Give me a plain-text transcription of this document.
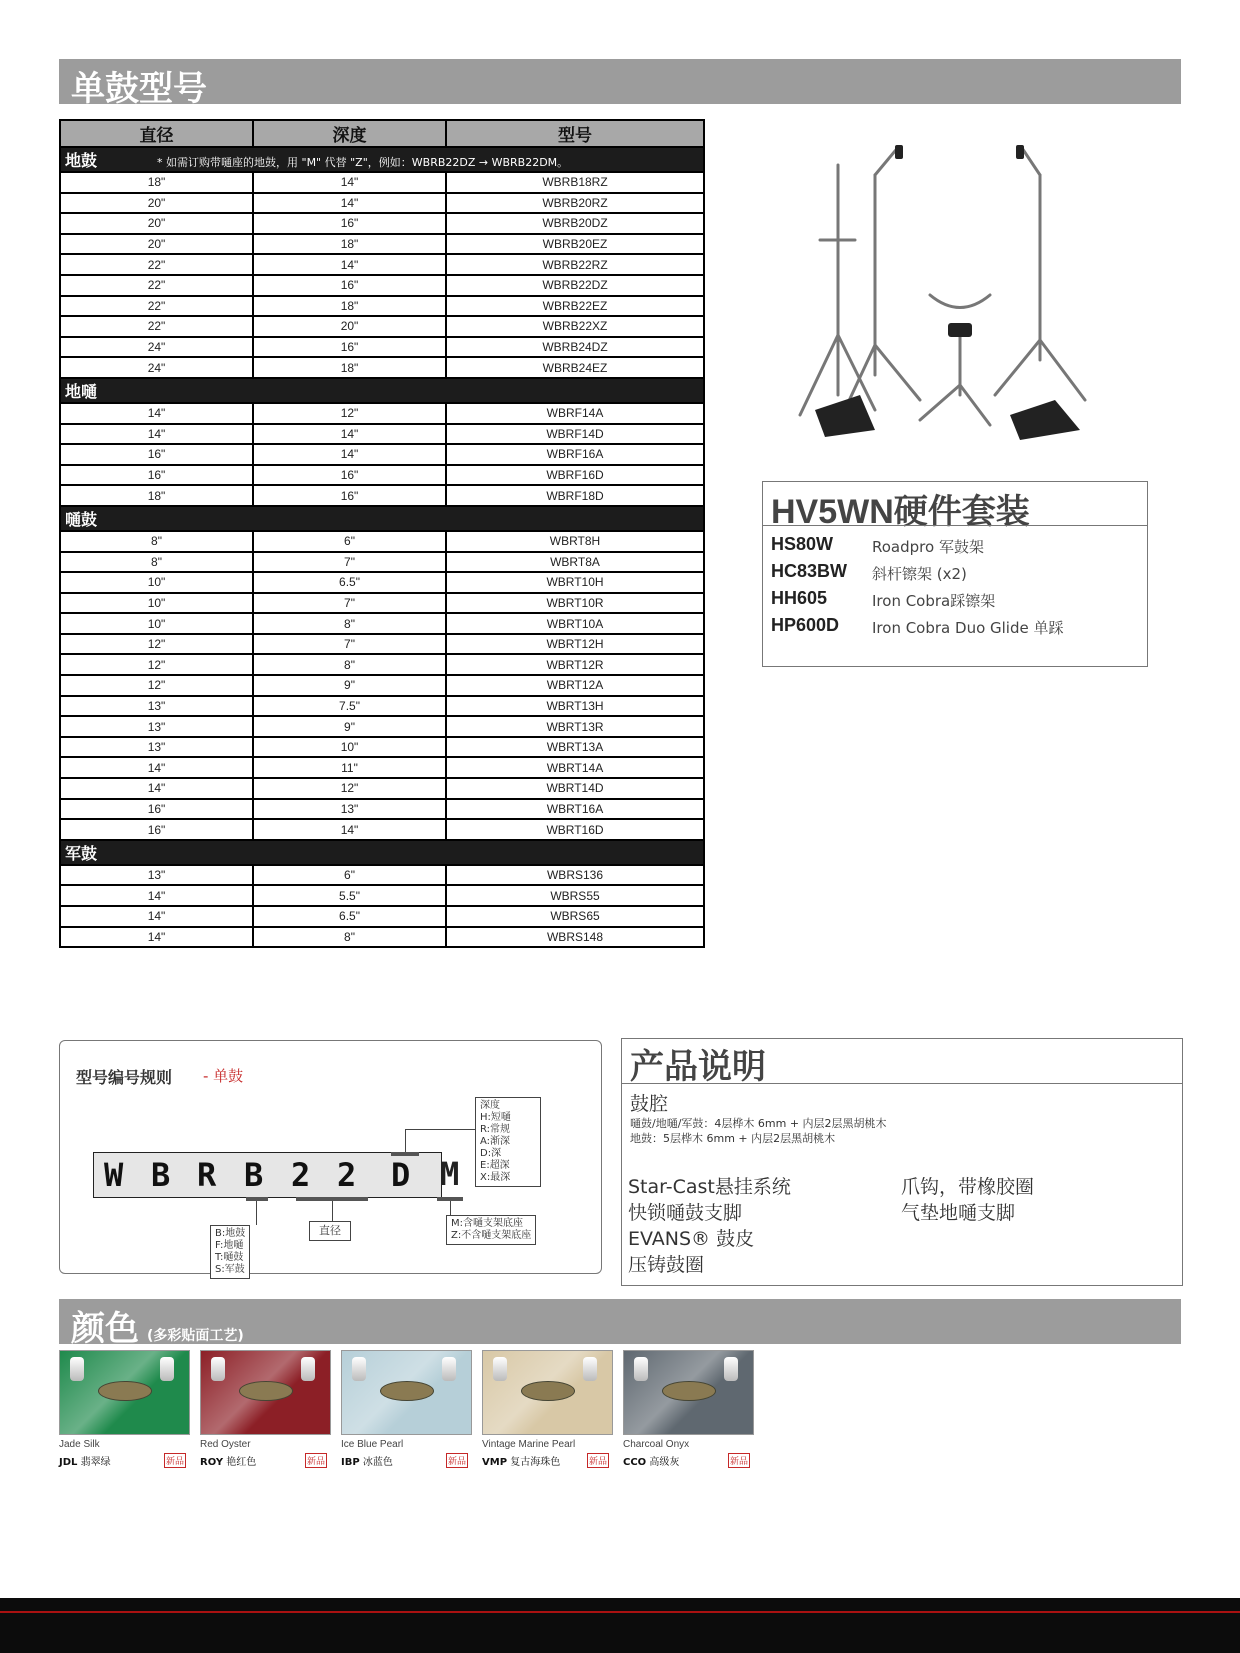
单鼓型号
直径	深度	型号
地鼓 * 如需订购带嗵座的地鼓，用 "M" 代替 "Z"，例如：WBRB22DZ → WBRB22DM。		
18"	14"	WBRB18RZ
20"	14"	WBRB20RZ
20"	16"	WBRB20DZ
20"	18"	WBRB20EZ
22"	14"	WBRB22RZ
22"	16"	WBRB22DZ
22"	18"	WBRB22EZ
22"	20"	WBRB22XZ
24"	16"	WBRB24DZ
24"	18"	WBRB24EZ
地嗵		
14"	12"	WBRF14A
14"	14"	WBRF14D
16"	14"	WBRF16A
16"	16"	WBRF16D
18"	16"	WBRF18D
嗵鼓		
8"	6"	WBRT8H
8"	7"	WBRT8A
10"	6.5"	WBRT10H
10"	7"	WBRT10R
10"	8"	WBRT10A
12"	7"	WBRT12H
12"	8"	WBRT12R
12"	9"	WBRT12A
13"	7.5"	WBRT13H
13"	9"	WBRT13R
13"	10"	WBRT13A
14"	11"	WBRT14A
14"	12"	WBRT14D
16"	13"	WBRT16A
16"	14"	WBRT16D
军鼓		
13"	6"	WBRS136
14"	5.5"	WBRS55
14"	6.5"	WBRS65
14"	8"	WBRS148
HV5WN硬件套装
HS80W	Roadpro 军鼓架
HC83BW 斜杆镲架 (x2)
HH605	Iron Cobra踩镲架
HP600D Iron Cobra Duo Glide 单踩
型号编号规则 - 单鼓
W B R B 2 2 D M
B:地鼓
F:地嗵
T:嗵鼓
S:军鼓
直径
深度
H:短嗵
R:常规
A:渐深
D:深
E:超深
X:最深
M:含嗵支架底座
Z:不含嗵支架底座
产品说明
鼓腔
嗵鼓/地嗵/军鼓：4层桦木 6mm + 内层2层黑胡桃木
地鼓：5层桦木 6mm + 内层2层黑胡桃木
Star-Cast悬挂系统
快锁嗵鼓支脚
EVANS® 鼓皮
压铸鼓圈
爪钩，带橡胶圈
气垫地嗵支脚
颜色 (多彩贴面工艺)
Jade Silk
JDL 翡翠绿	新品
Red Oyster
ROY 艳红色	新品
Ice Blue Pearl
IBP 冰蓝色	新品
Vintage Marine Pearl
VMP 复古海珠色	新品
Charcoal Onyx
CCO 高级灰	新品
